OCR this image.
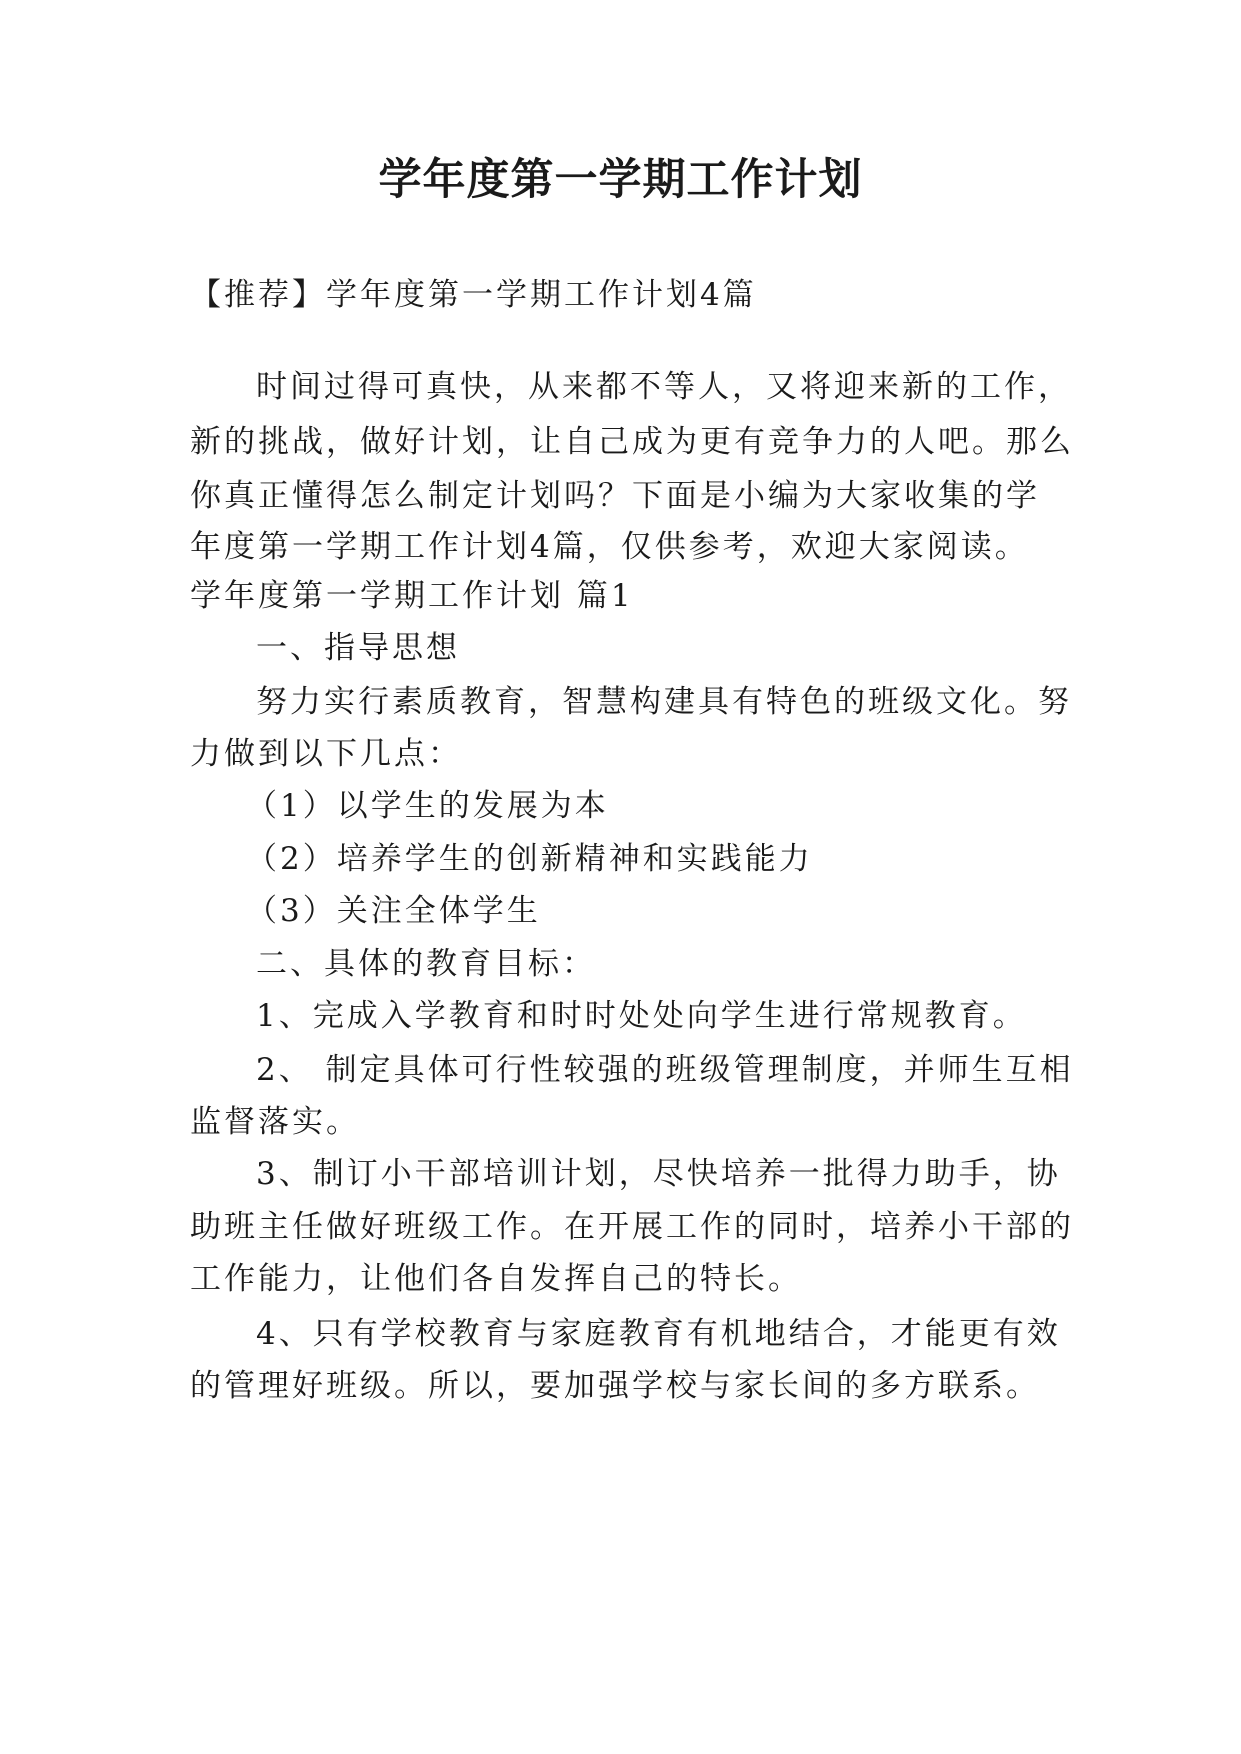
学年度第一学期工作计划
【推荐】学年度第一学期工作计划4篇
时间过得可真快，从来都不等人，又将迎来新的工作，
新的挑战，做好计划，让自己成为更有竞争力的人吧。那么
你真正懂得怎么制定计划吗？下面是小编为大家收集的学
年度第一学期工作计划4篇，仅供参考，欢迎大家阅读。
学年度第一学期工作计划 篇1
一、指导思想
努力实行素质教育，智慧构建具有特色的班级文化。努
力做到以下几点：
（1）以学生的发展为本
（2）培养学生的创新精神和实践能力
（3）关注全体学生
二、具体的教育目标：
1、完成入学教育和时时处处向学生进行常规教育。
2、 制定具体可行性较强的班级管理制度，并师生互相
监督落实。
3、制订小干部培训计划，尽快培养一批得力助手，协
助班主任做好班级工作。在开展工作的同时，培养小干部的
工作能力，让他们各自发挥自己的特长。
4、只有学校教育与家庭教育有机地结合，才能更有效
的管理好班级。所以，要加强学校与家长间的多方联系。
